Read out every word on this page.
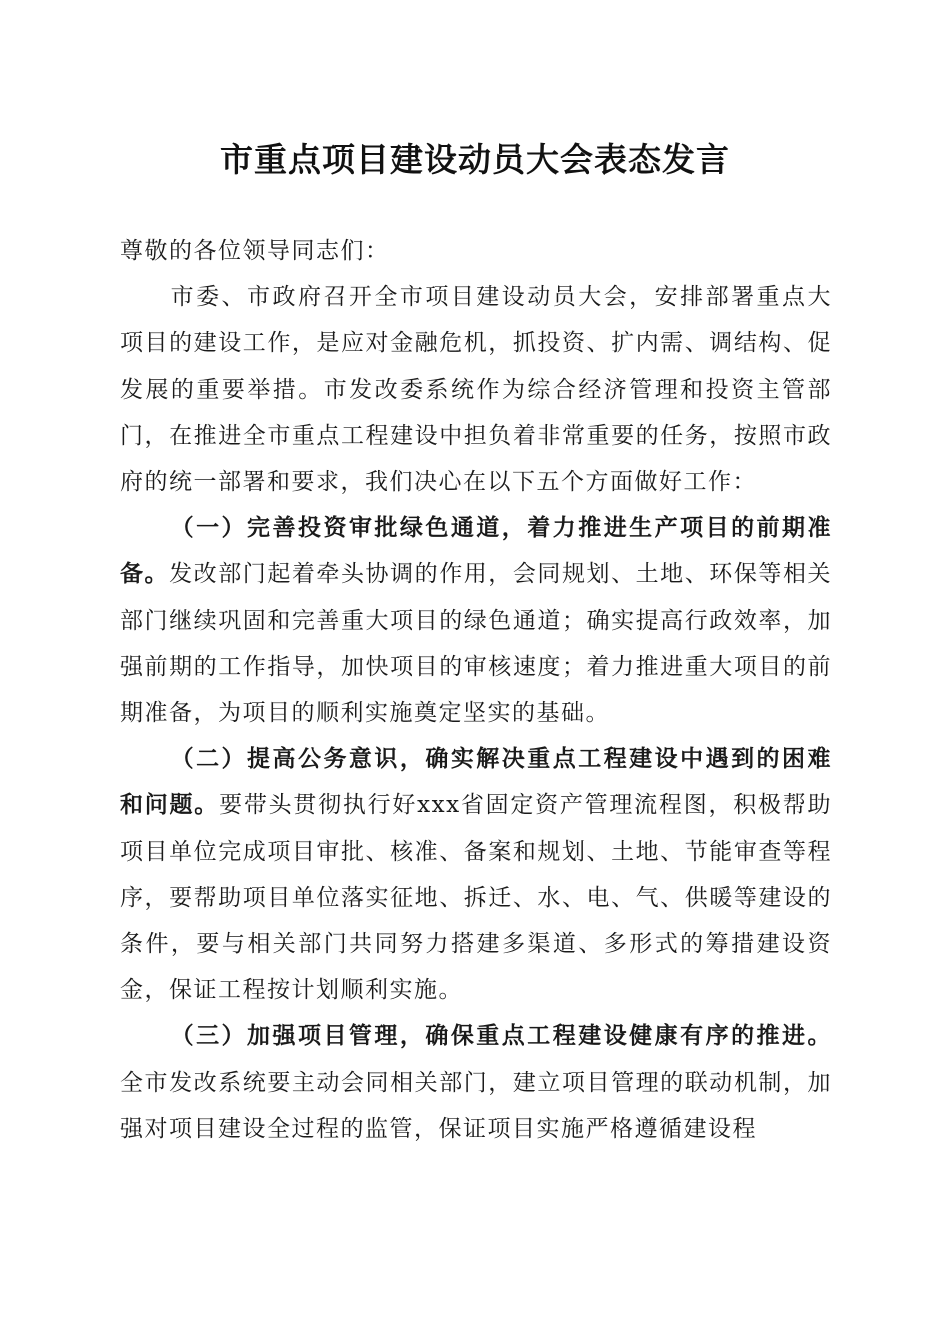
市重点项目建设动员大会表态发言

尊敬的各位领导同志们：

市委、市政府召开全市项目建设动员大会，安排部署重点大项目的建设工作，是应对金融危机，抓投资、扩内需、调结构、促发展的重要举措。市发改委系统作为综合经济管理和投资主管部门，在推进全市重点工程建设中担负着非常重要的任务，按照市政府的统一部署和要求，我们决心在以下五个方面做好工作：

（一）完善投资审批绿色通道，着力推进生产项目的前期准备。发改部门起着牵头协调的作用，会同规划、土地、环保等相关部门继续巩固和完善重大项目的绿色通道；确实提高行政效率，加强前期的工作指导，加快项目的审核速度；着力推进重大项目的前期准备，为项目的顺利实施奠定坚实的基础。

（二）提高公务意识，确实解决重点工程建设中遇到的困难和问题。要带头贯彻执行好xxx省固定资产管理流程图，积极帮助项目单位完成项目审批、核准、备案和规划、土地、节能审查等程序，要帮助项目单位落实征地、拆迁、水、电、气、供暖等建设的条件，要与相关部门共同努力搭建多渠道、多形式的筹措建设资金，保证工程按计划顺利实施。

（三）加强项目管理，确保重点工程建设健康有序的推进。全市发改系统要主动会同相关部门，建立项目管理的联动机制，加强对项目建设全过程的监管，保证项目实施严格遵循建设程
